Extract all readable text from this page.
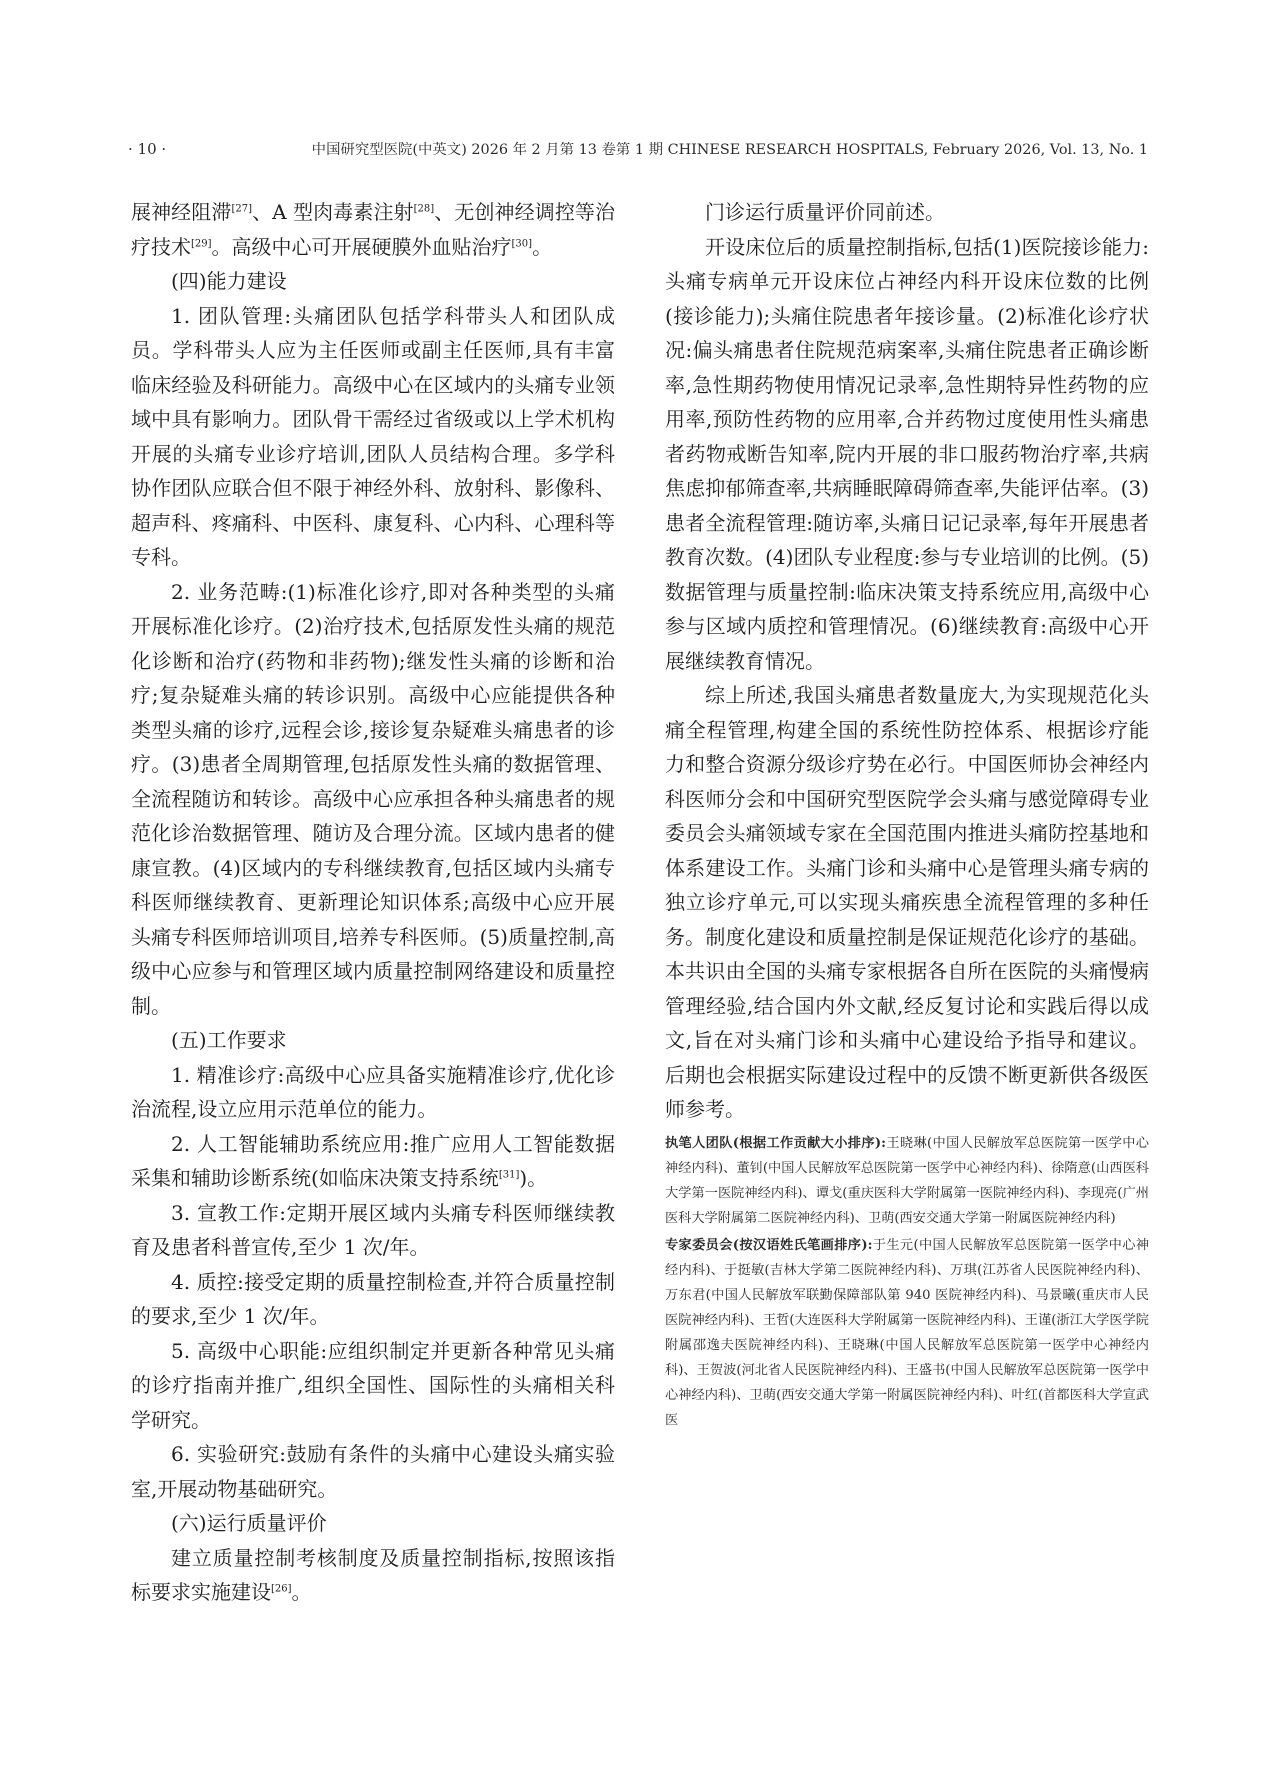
· 10 ·	中国研究型医院(中英文) 2026 年 2 月第 13 卷第 1 期 CHINESE RESEARCH HOSPITALS, February 2026, Vol. 13, No. 1

展神经阻滞[27]、A 型肉毒素注射[28]、无创神经调控等治疗技术[29]。高级中心可开展硬膜外血贴治疗[30]。

(四)能力建设

1. 团队管理:头痛团队包括学科带头人和团队成员。学科带头人应为主任医师或副主任医师,具有丰富临床经验及科研能力。高级中心在区域内的头痛专业领域中具有影响力。团队骨干需经过省级或以上学术机构开展的头痛专业诊疗培训,团队人员结构合理。多学科协作团队应联合但不限于神经外科、放射科、影像科、超声科、疼痛科、中医科、康复科、心内科、心理科等专科。

2. 业务范畴:(1)标准化诊疗,即对各种类型的头痛开展标准化诊疗。(2)治疗技术,包括原发性头痛的规范化诊断和治疗(药物和非药物);继发性头痛的诊断和治疗;复杂疑难头痛的转诊识别。高级中心应能提供各种类型头痛的诊疗,远程会诊,接诊复杂疑难头痛患者的诊疗。(3)患者全周期管理,包括原发性头痛的数据管理、全流程随访和转诊。高级中心应承担各种头痛患者的规范化诊治数据管理、随访及合理分流。区域内患者的健康宣教。(4)区域内的专科继续教育,包括区域内头痛专科医师继续教育、更新理论知识体系;高级中心应开展头痛专科医师培训项目,培养专科医师。(5)质量控制,高级中心应参与和管理区域内质量控制网络建设和质量控制。

(五)工作要求

1. 精准诊疗:高级中心应具备实施精准诊疗,优化诊治流程,设立应用示范单位的能力。

2. 人工智能辅助系统应用:推广应用人工智能数据采集和辅助诊断系统(如临床决策支持系统[31])。

3. 宣教工作:定期开展区域内头痛专科医师继续教育及患者科普宣传,至少 1 次/年。

4. 质控:接受定期的质量控制检查,并符合质量控制的要求,至少 1 次/年。

5. 高级中心职能:应组织制定并更新各种常见头痛的诊疗指南并推广,组织全国性、国际性的头痛相关科学研究。

6. 实验研究:鼓励有条件的头痛中心建设头痛实验室,开展动物基础研究。

(六)运行质量评价

建立质量控制考核制度及质量控制指标,按照该指标要求实施建设[26]。

门诊运行质量评价同前述。

开设床位后的质量控制指标,包括(1)医院接诊能力:头痛专病单元开设床位占神经内科开设床位数的比例(接诊能力);头痛住院患者年接诊量。(2)标准化诊疗状况:偏头痛患者住院规范病案率,头痛住院患者正确诊断率,急性期药物使用情况记录率,急性期特异性药物的应用率,预防性药物的应用率,合并药物过度使用性头痛患者药物戒断告知率,院内开展的非口服药物治疗率,共病焦虑抑郁筛查率,共病睡眠障碍筛查率,失能评估率。(3)患者全流程管理:随访率,头痛日记记录率,每年开展患者教育次数。(4)团队专业程度:参与专业培训的比例。(5)数据管理与质量控制:临床决策支持系统应用,高级中心参与区域内质控和管理情况。(6)继续教育:高级中心开展继续教育情况。

综上所述,我国头痛患者数量庞大,为实现规范化头痛全程管理,构建全国的系统性防控体系、根据诊疗能力和整合资源分级诊疗势在必行。中国医师协会神经内科医师分会和中国研究型医院学会头痛与感觉障碍专业委员会头痛领域专家在全国范围内推进头痛防控基地和体系建设工作。头痛门诊和头痛中心是管理头痛专病的独立诊疗单元,可以实现头痛疾患全流程管理的多种任务。制度化建设和质量控制是保证规范化诊疗的基础。本共识由全国的头痛专家根据各自所在医院的头痛慢病管理经验,结合国内外文献,经反复讨论和实践后得以成文,旨在对头痛门诊和头痛中心建设给予指导和建议。后期也会根据实际建设过程中的反馈不断更新供各级医师参考。

执笔人团队(根据工作贡献大小排序):王晓琳(中国人民解放军总医院第一医学中心神经内科)、董钊(中国人民解放军总医院第一医学中心神经内科)、徐隋意(山西医科大学第一医院神经内科)、谭戈(重庆医科大学附属第一医院神经内科)、李现亮(广州医科大学附属第二医院神经内科)、卫萌(西安交通大学第一附属医院神经内科)

专家委员会(按汉语姓氏笔画排序):于生元(中国人民解放军总医院第一医学中心神经内科)、于挺敏(吉林大学第二医院神经内科)、万琪(江苏省人民医院神经内科)、万东君(中国人民解放军联勤保障部队第 940 医院神经内科)、马景曦(重庆市人民医院神经内科)、王哲(大连医科大学附属第一医院神经内科)、王谨(浙江大学医学院附属邵逸夫医院神经内科)、王晓琳(中国人民解放军总医院第一医学中心神经内科)、王贺波(河北省人民医院神经内科)、王盛书(中国人民解放军总医院第一医学中心神经内科)、卫萌(西安交通大学第一附属医院神经内科)、叶红(首都医科大学宣武医
